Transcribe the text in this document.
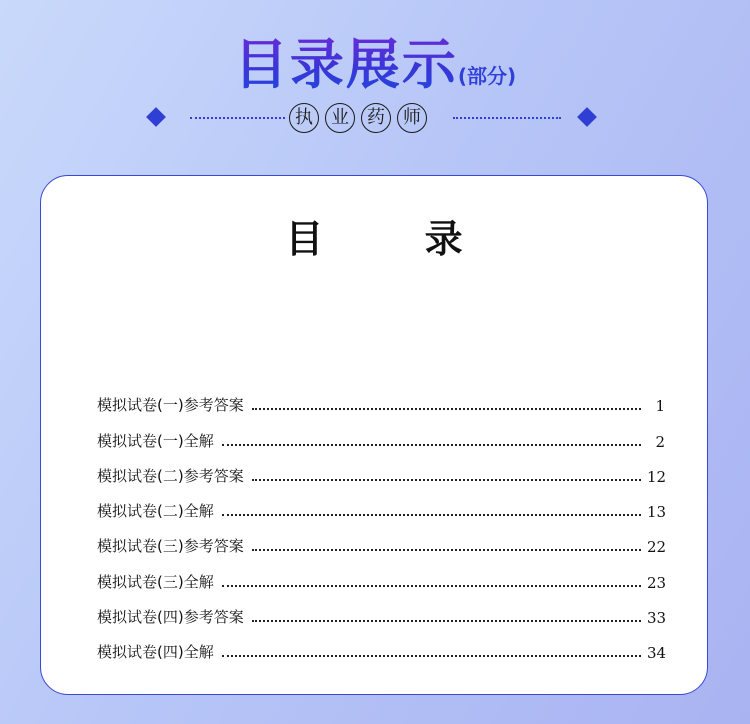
目录展示(部分)
执	业	药	师
目 录
模拟试卷(一)参考答案	1
模拟试卷(一)全解	2
模拟试卷(二)参考答案	12
模拟试卷(二)全解	13
模拟试卷(三)参考答案	22
模拟试卷(三)全解	23
模拟试卷(四)参考答案	33
模拟试卷(四)全解	34
